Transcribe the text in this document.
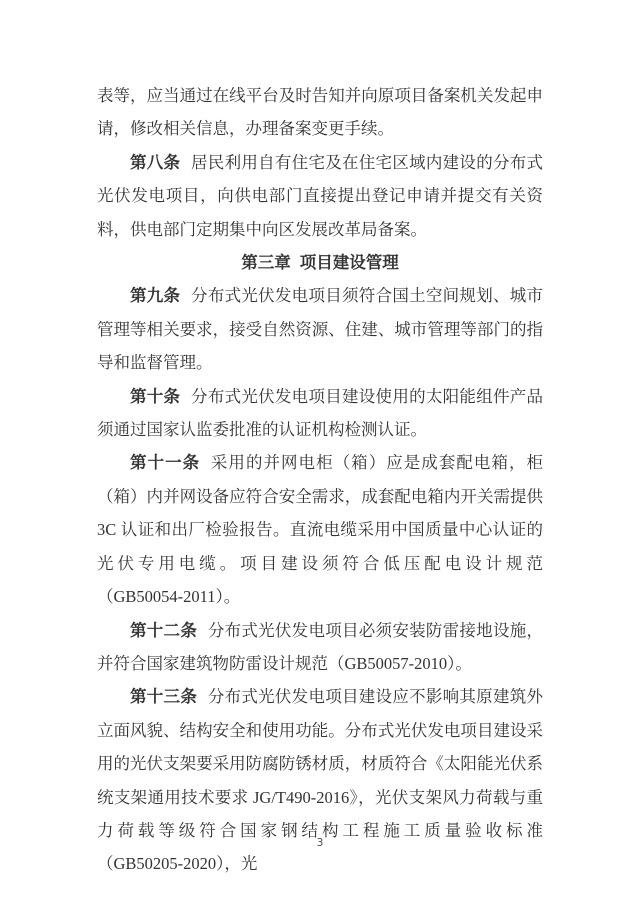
表等，应当通过在线平台及时告知并向原项目备案机关发起申请，修改相关信息，办理备案变更手续。

第八条 居民利用自有住宅及在住宅区域内建设的分布式光伏发电项目，向供电部门直接提出登记申请并提交有关资料，供电部门定期集中向区发展改革局备案。

第三章 项目建设管理

第九条 分布式光伏发电项目须符合国土空间规划、城市管理等相关要求，接受自然资源、住建、城市管理等部门的指导和监督管理。

第十条 分布式光伏发电项目建设使用的太阳能组件产品须通过国家认监委批准的认证机构检测认证。

第十一条 采用的并网电柜（箱）应是成套配电箱，柜（箱）内并网设备应符合安全需求，成套配电箱内开关需提供 3C 认证和出厂检验报告。直流电缆采用中国质量中心认证的光伏专用电缆。项目建设须符合低压配电设计规范（GB50054-2011）。

第十二条 分布式光伏发电项目必须安装防雷接地设施，并符合国家建筑物防雷设计规范（GB50057-2010）。

第十三条 分布式光伏发电项目建设应不影响其原建筑外立面风貌、结构安全和使用功能。分布式光伏发电项目建设采用的光伏支架要采用防腐防锈材质，材质符合《太阳能光伏系统支架通用技术要求 JG/T490-2016》，光伏支架风力荷载与重力荷载等级符合国家钢结构工程施工质量验收标准（GB50205-2020），光

3
